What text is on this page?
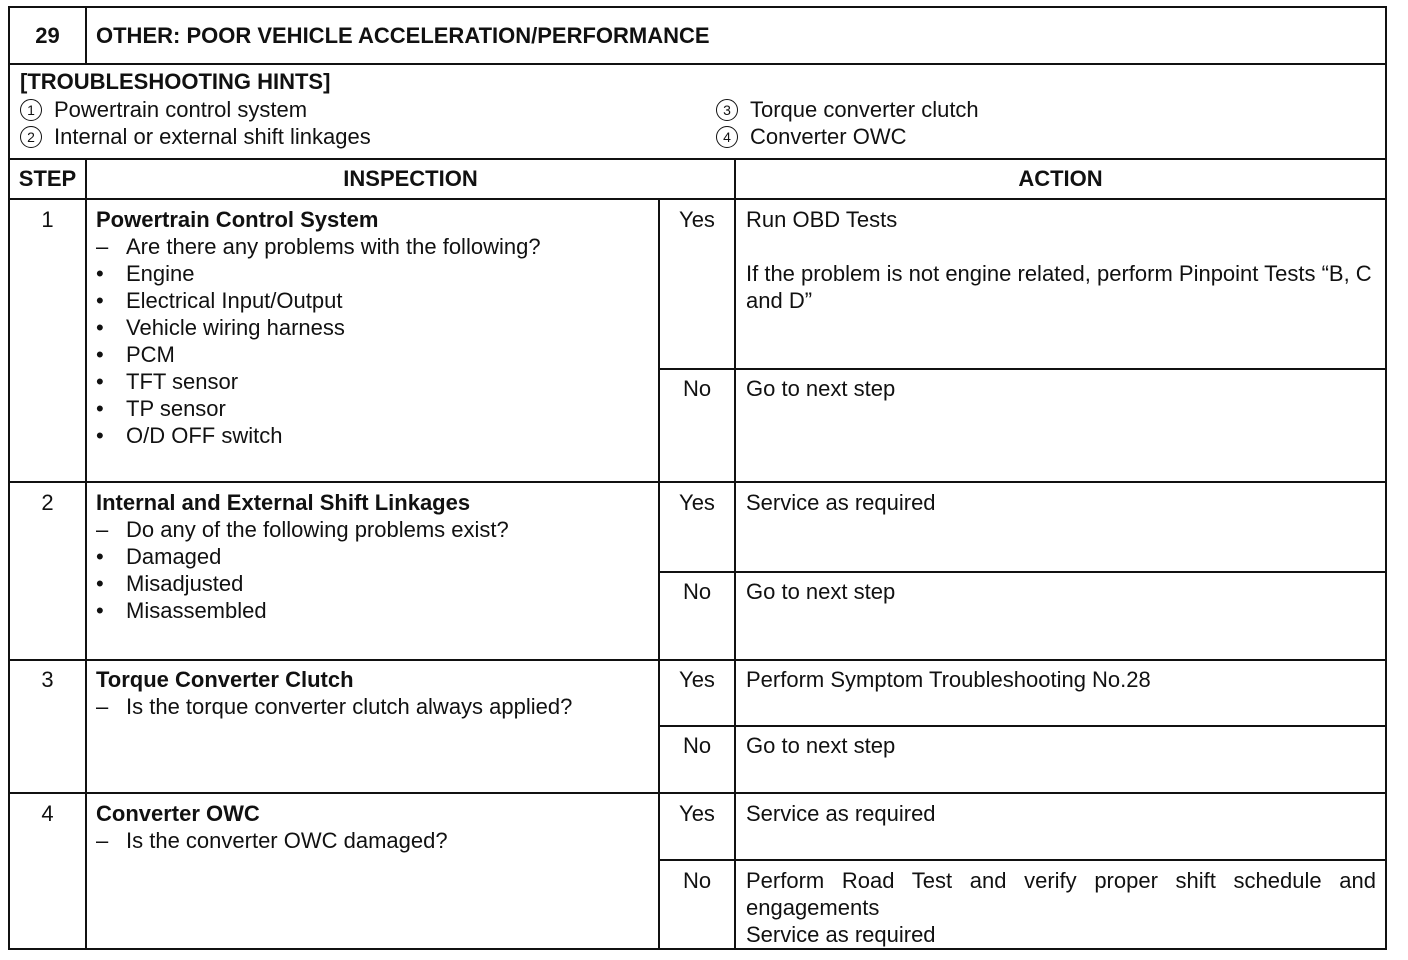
29	OTHER: POOR VEHICLE ACCELERATION/PERFORMANCE
[TROUBLESHOOTING HINTS]
1 Powertrain control system
2 Internal or external shift linkages
3 Torque converter clutch
4 Converter OWC
STEP	INSPECTION	ACTION
1	Powertrain Control System
– Are there any problems with the following?
•	Engine
•	Electrical Input/Output
•	Vehicle wiring harness
•	PCM
•	TFT sensor
•	TP sensor
•	O/D OFF switch
Yes	Run OBD Tests
If the problem is not engine related, perform Pinpoint Tests “B, C and D”
No	Go to next step
2	Internal and External Shift Linkages
– Do any of the following problems exist?
•	Damaged
•	Misadjusted
•	Misassembled
Yes	Service as required
No	Go to next step
3	Torque Converter Clutch
– Is the torque converter clutch always applied?
Yes	Perform Symptom Troubleshooting No.28
No	Go to next step
4	Converter OWC
– Is the converter OWC damaged?
Yes	Service as required
No	Perform Road Test and verify proper shift schedule and engagements
Service as required
